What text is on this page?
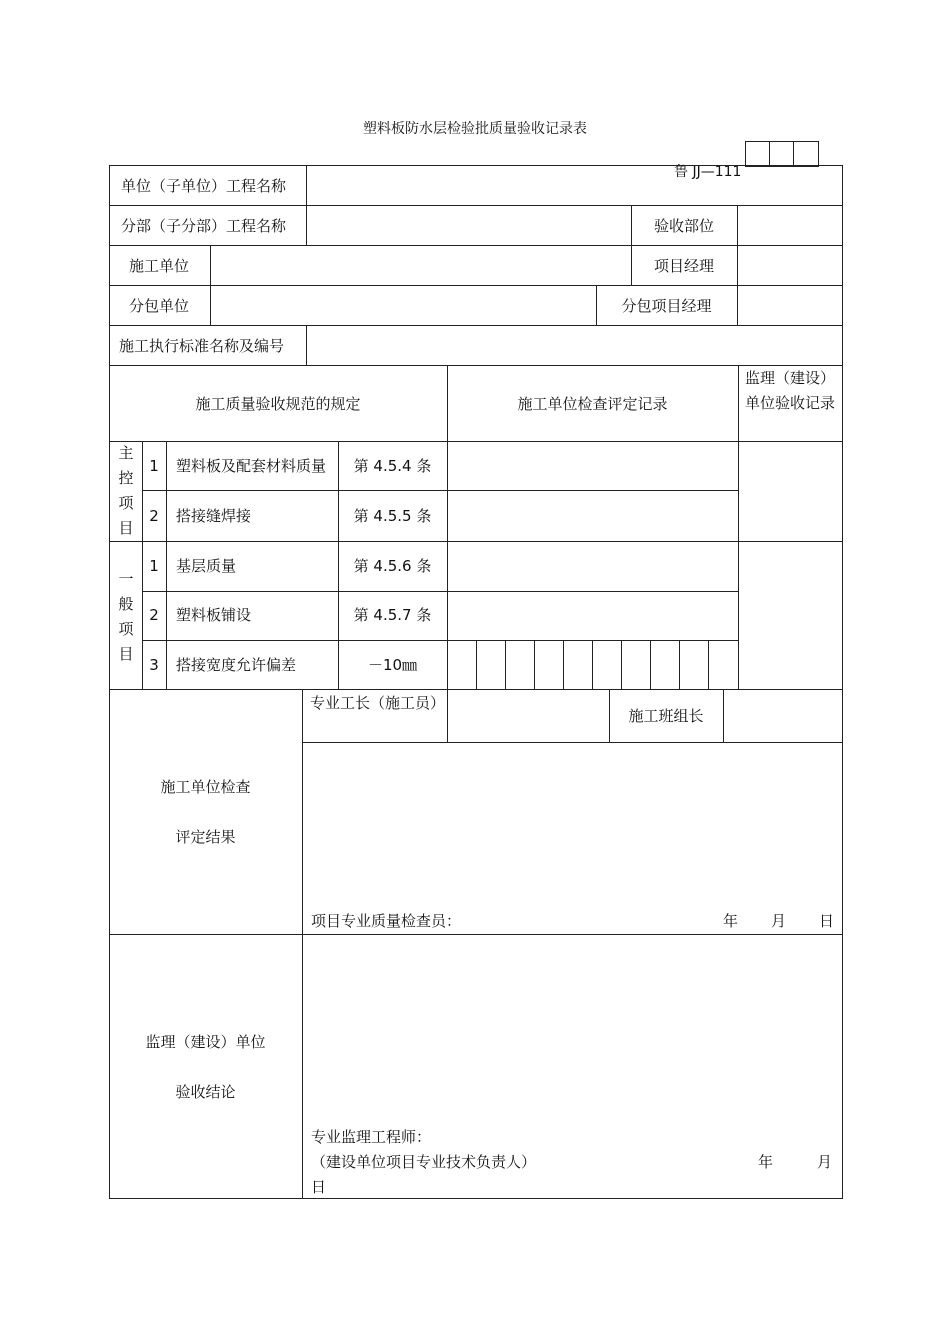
塑料板防水层检验批质量验收记录表
鲁 JJ—111
单位（子单位）工程名称
分部（子分部）工程名称	验收部位
施工单位	项目经理
分包单位	分包项目经理
施工执行标准名称及编号
施工质量验收规范的规定	施工单位检查评定记录
监理（建设）单位验收记录
主控项目
1	塑料板及配套材料质量	第 4.5.4 条
2	搭接缝焊接	第 4.5.5 条
一般项目
1	基层质量	第 4.5.6 条
2	塑料板铺设	第 4.5.7 条
3	搭接宽度允许偏差	－10㎜
施工单位检查
评定结果
专业工长（施工员）
施工班组长
项目专业质量检查员：	年 月 日
监理（建设）单位
验收结论
专业监理工程师：
（建设单位项目专业技术负责人）	年	月
日
